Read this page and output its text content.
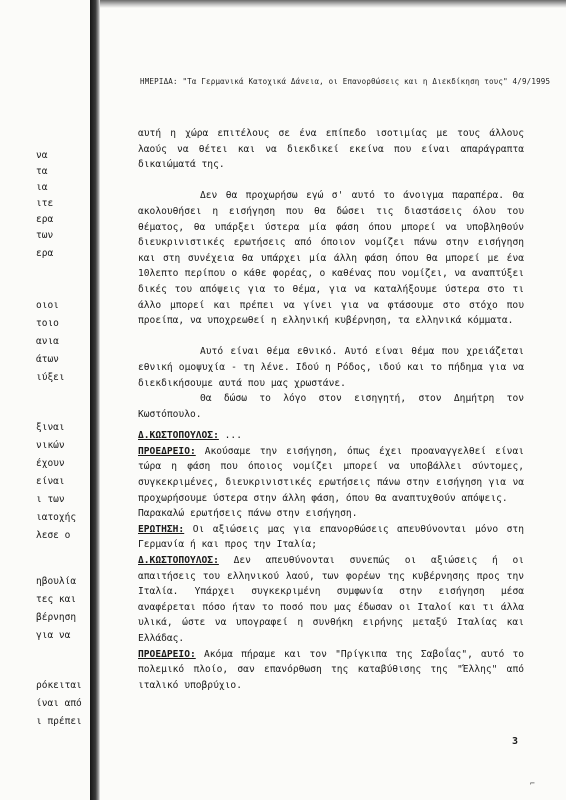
να
τα
ια
ιτε
ερα
των
ερα
οιοι
τοιο
ανια
άτων
ιύξει
ξιναι
νικών
έχουν
είναι
ι των
ιατοχής
λεσε ο
ηβουλία
τες και
βέρνηση
για να
ρόκειται
ίναι από
ι πρέπει
ΗΜΕΡΙΔΑ: "Τα Γερμανικά Κατοχικά Δάνεια, οι Επανορθώσεις και η Διεκδίκηση τους" 4/9/1995

αυτή η χώρα επιτέλους σε ένα επίπεδο ισοτιμίας με τους άλλους λαούς να θέτει και να διεκδικεί εκείνα που είναι απαράγραπτα δικαιώματά της.

Δεν θα προχωρήσω εγώ σ' αυτό το άνοιγμα παραπέρα. Θα ακολουθήσει η εισήγηση που θα δώσει τις διαστάσεις όλου του θέματος, θα υπάρξει ύστερα μία φάση όπου μπορεί να υποβληθούν διευκρινιστικές ερωτήσεις από όποιον νομίζει πάνω στην εισήγηση και στη συνέχεια θα υπάρχει μία άλλη φάση όπου θα μπορεί με ένα 10λεπτο περίπου ο κάθε φορέας, ο καθένας που νομίζει, να αναπτύξει δικές του απόψεις για το θέμα, για να καταλήξουμε ύστερα στο τι άλλο μπορεί και πρέπει να γίνει για να φτάσουμε στο στόχο που προείπα, να υποχρεωθεί η ελληνική κυβέρνηση, τα ελληνικά κόμματα.

Αυτό είναι θέμα εθνικό. Αυτό είναι θέμα που χρειάζεται εθνική ομοψυχία - τη λένε. Ιδού η Ρόδος, ιδού και το πήδημα για να διεκδικήσουμε αυτά που μας χρωστάνε.

Θα δώσω το λόγο στον εισηγητή, στον Δημήτρη τον Κωστόπουλο.

Δ.ΚΩΣΤΟΠΟΥΛΟΣ: ...

ΠΡΟΕΔΡΕΙΟ: Ακούσαμε την εισήγηση, όπως έχει προαναγγελθεί είναι τώρα η φάση που όποιος νομίζει μπορεί να υποβάλλει σύντομες, συγκεκριμένες, διευκρινιστικές ερωτήσεις πάνω στην εισήγηση για να προχωρήσουμε ύστερα στην άλλη φάση, όπου θα αναπτυχθούν απόψεις.

Παρακαλώ ερωτήσεις πάνω στην εισήγηση.

ΕΡΩΤΗΣΗ: Οι αξιώσεις μας για επανορθώσεις απευθύνονται μόνο στη Γερμανία ή και προς την Ιταλία;

Δ.ΚΩΣΤΟΠΟΥΛΟΣ: Δεν απευθύνονται συνεπώς οι αξιώσεις ή οι απαιτήσεις του ελληνικού λαού, των φορέων της κυβέρνησης προς την Ιταλία. Υπάρχει συγκεκριμένη συμφωνία στην εισήγηση μέσα αναφέρεται πόσο ήταν το ποσό που μας έδωσαν οι Ιταλοί και τι άλλα υλικά, ώστε να υπογραφεί η συνθήκη ειρήνης μεταξύ Ιταλίας και Ελλάδας.

ΠΡΟΕΔΡΕΙΟ: Ακόμα πήραμε και τον "Πρίγκιπα της Σαβοΐας", αυτό το πολεμικό πλοίο, σαν επανόρθωση της καταβύθισης της "Έλλης" από ιταλικό υποβρύχιο.

3
⌐
